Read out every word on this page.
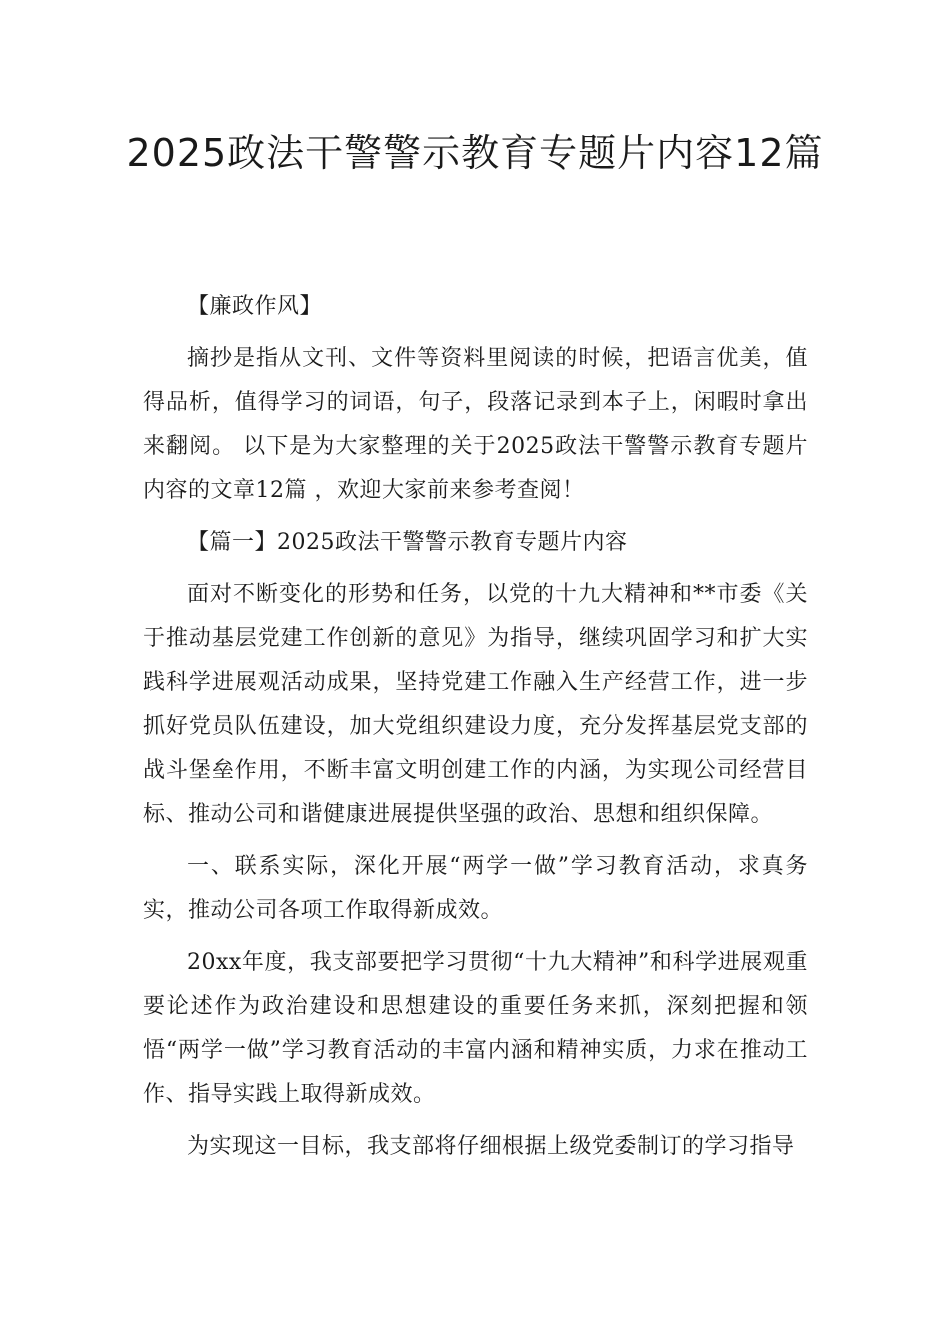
2025政法干警警示教育专题片内容12篇

【廉政作风】

摘抄是指从文刊、文件等资料里阅读的时候，把语言优美，值得品析，值得学习的词语，句子，段落记录到本子上，闲暇时拿出来翻阅。 以下是为大家整理的关于2025政法干警警示教育专题片内容的文章12篇 ，欢迎大家前来参考查阅！

【篇一】2025政法干警警示教育专题片内容

面对不断变化的形势和任务，以党的十九大精神和**市委《关于推动基层党建工作创新的意见》为指导，继续巩固学习和扩大实践科学进展观活动成果，坚持党建工作融入生产经营工作，进一步抓好党员队伍建设，加大党组织建设力度，充分发挥基层党支部的战斗堡垒作用，不断丰富文明创建工作的内涵，为实现公司经营目标、推动公司和谐健康进展提供坚强的政治、思想和组织保障。

一、联系实际，深化开展“两学一做”学习教育活动，求真务实，推动公司各项工作取得新成效。

20xx年度，我支部要把学习贯彻“十九大精神”和科学进展观重要论述作为政治建设和思想建设的重要任务来抓，深刻把握和领悟“两学一做”学习教育活动的丰富内涵和精神实质，力求在推动工作、指导实践上取得新成效。

为实现这一目标，我支部将仔细根据上级党委制订的学习指导
